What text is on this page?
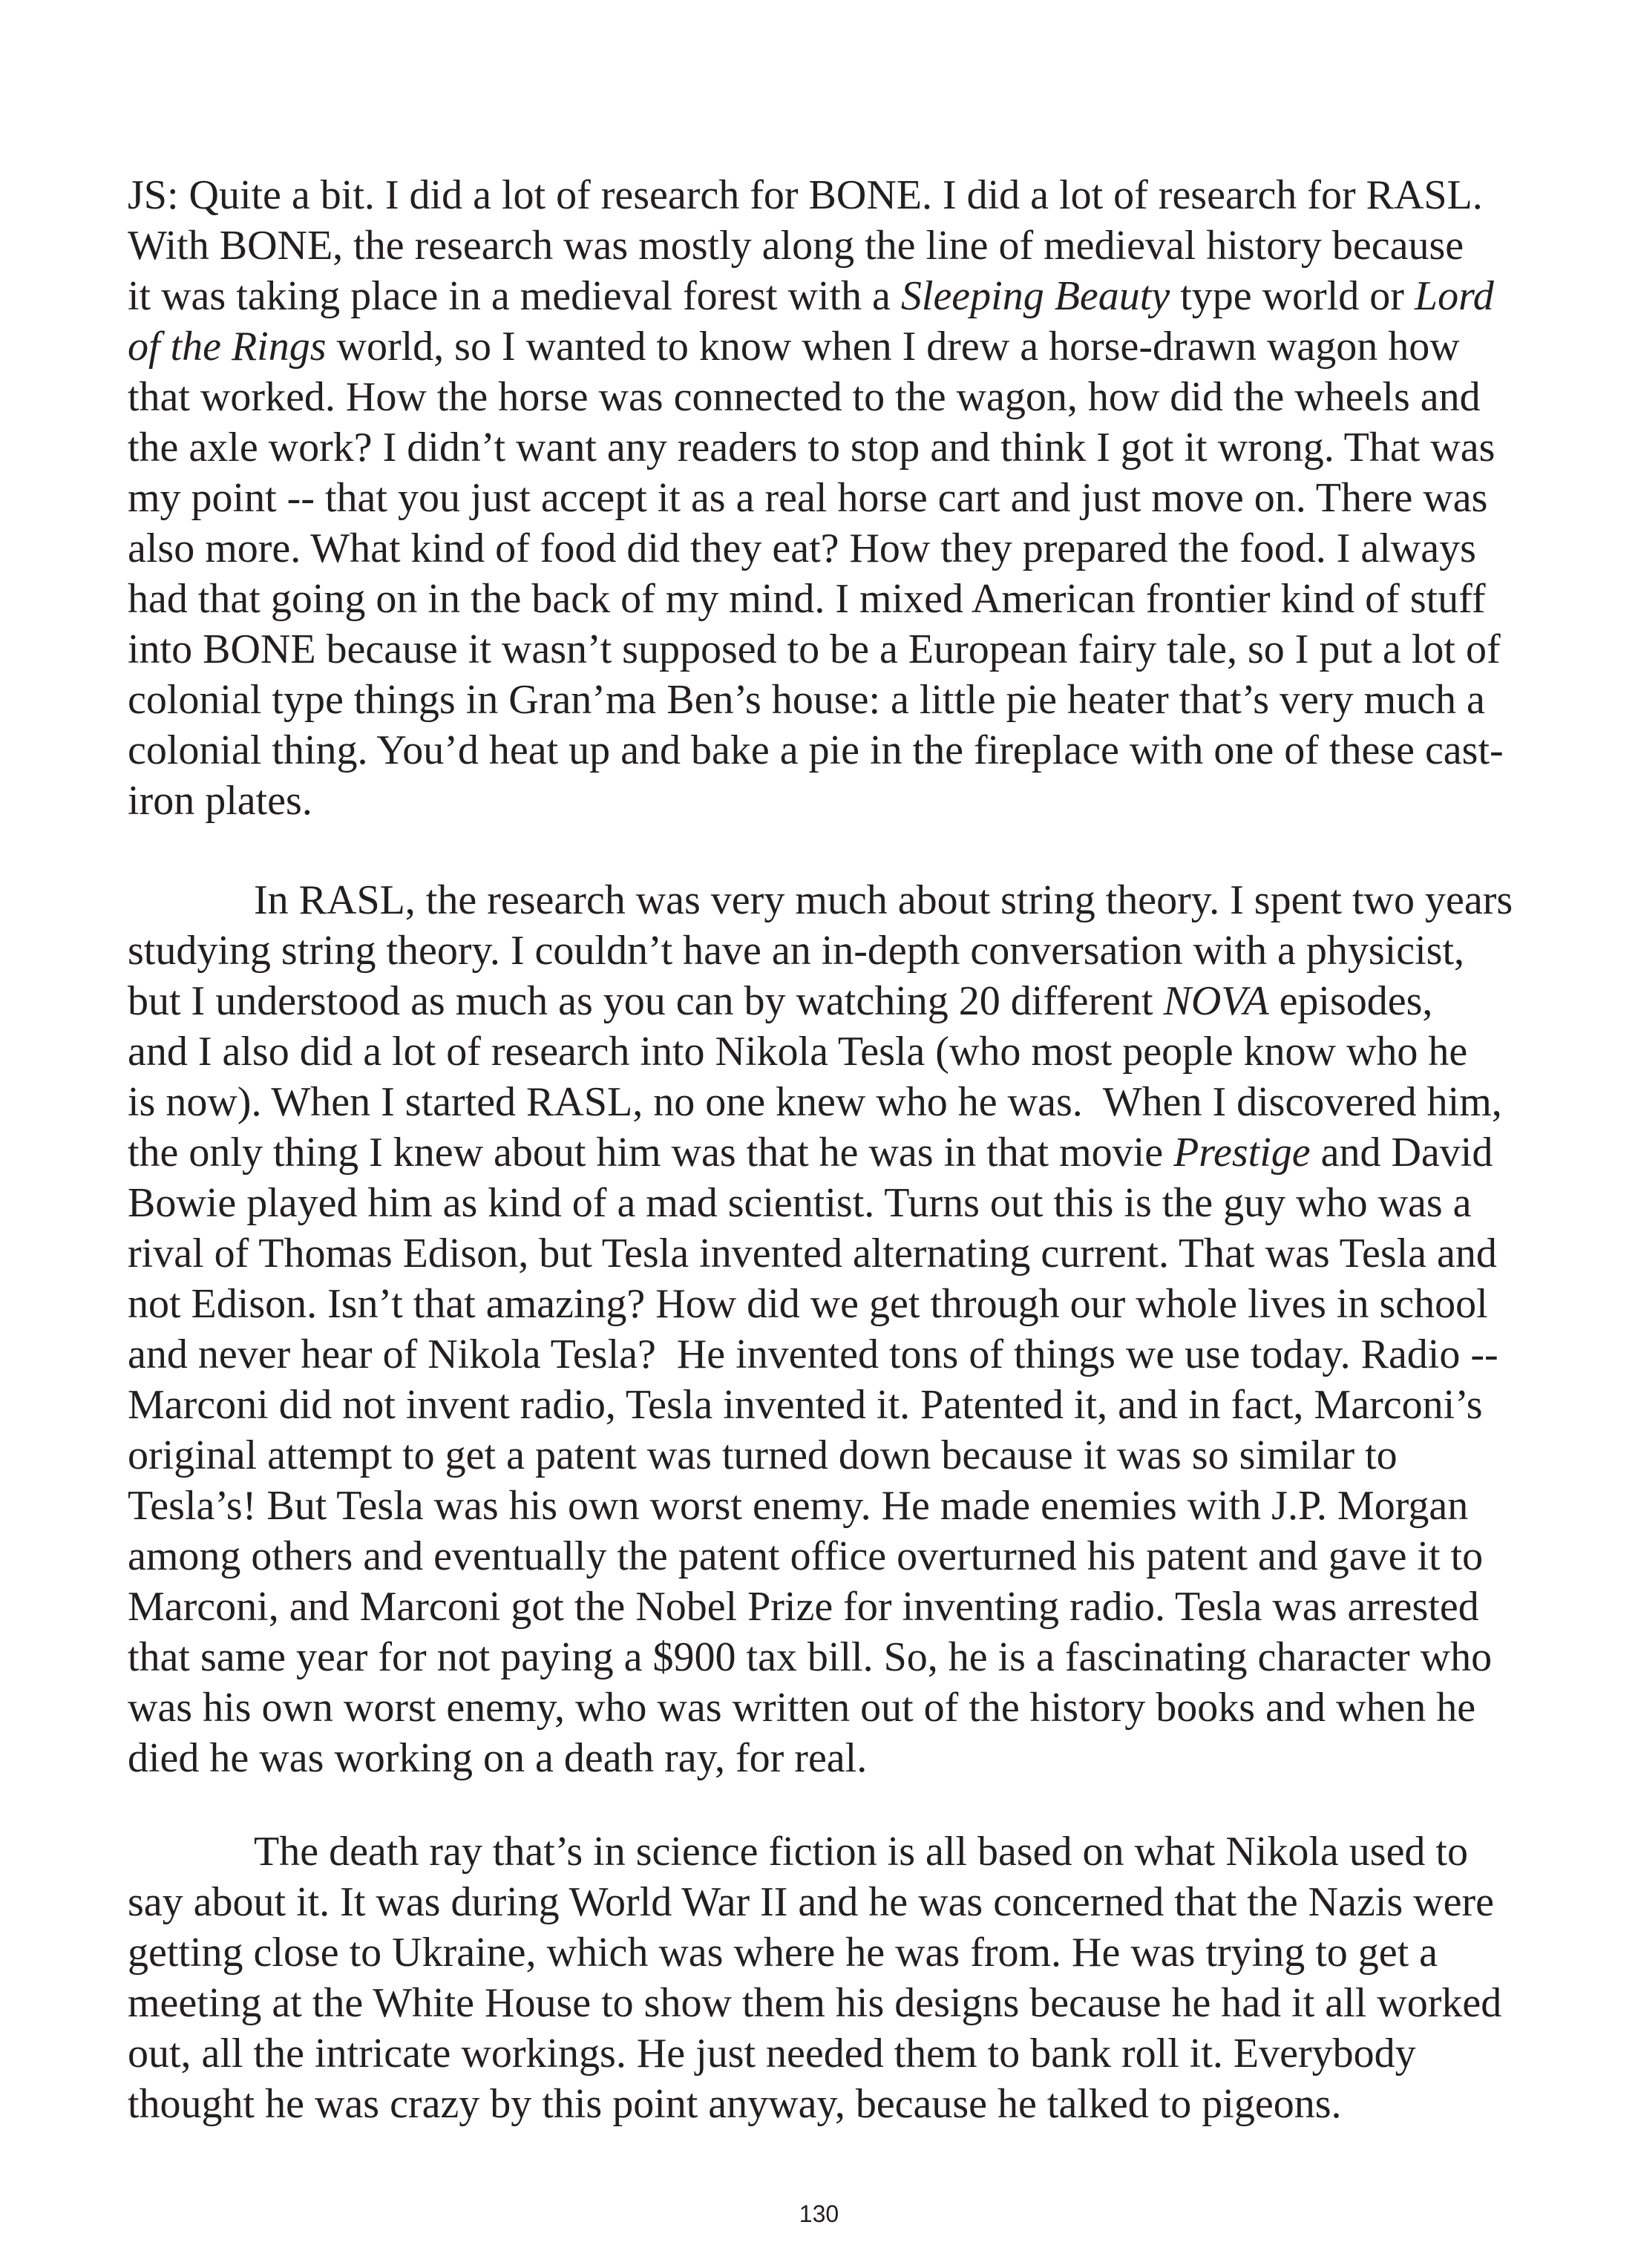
JS: Quite a bit. I did a lot of research for BONE. I did a lot of research for RASL.
With BONE, the research was mostly along the line of medieval history because
it was taking place in a medieval forest with a Sleeping Beauty type world or Lord
of the Rings world, so I wanted to know when I drew a horse-drawn wagon how
that worked. How the horse was connected to the wagon, how did the wheels and
the axle work? I didn’t want any readers to stop and think I got it wrong. That was
my point -- that you just accept it as a real horse cart and just move on. There was
also more. What kind of food did they eat? How they prepared the food. I always
had that going on in the back of my mind. I mixed American frontier kind of stuff
into BONE because it wasn’t supposed to be a European fairy tale, so I put a lot of
colonial type things in Gran’ma Ben’s house: a little pie heater that’s very much a
colonial thing. You’d heat up and bake a pie in the fireplace with one of these cast-
iron plates.
In RASL, the research was very much about string theory. I spent two years
studying string theory. I couldn’t have an in-depth conversation with a physicist,
but I understood as much as you can by watching 20 different NOVA episodes,
and I also did a lot of research into Nikola Tesla (who most people know who he
is now). When I started RASL, no one knew who he was.  When I discovered him,
the only thing I knew about him was that he was in that movie Prestige and David
Bowie played him as kind of a mad scientist. Turns out this is the guy who was a
rival of Thomas Edison, but Tesla invented alternating current. That was Tesla and
not Edison. Isn’t that amazing? How did we get through our whole lives in school
and never hear of Nikola Tesla?  He invented tons of things we use today. Radio --
Marconi did not invent radio, Tesla invented it. Patented it, and in fact, Marconi’s
original attempt to get a patent was turned down because it was so similar to
Tesla’s! But Tesla was his own worst enemy. He made enemies with J.P. Morgan
among others and eventually the patent office overturned his patent and gave it to
Marconi, and Marconi got the Nobel Prize for inventing radio. Tesla was arrested
that same year for not paying a $900 tax bill. So, he is a fascinating character who
was his own worst enemy, who was written out of the history books and when he
died he was working on a death ray, for real.
The death ray that’s in science fiction is all based on what Nikola used to
say about it. It was during World War II and he was concerned that the Nazis were
getting close to Ukraine, which was where he was from. He was trying to get a
meeting at the White House to show them his designs because he had it all worked
out, all the intricate workings. He just needed them to bank roll it. Everybody
thought he was crazy by this point anyway, because he talked to pigeons.
130
